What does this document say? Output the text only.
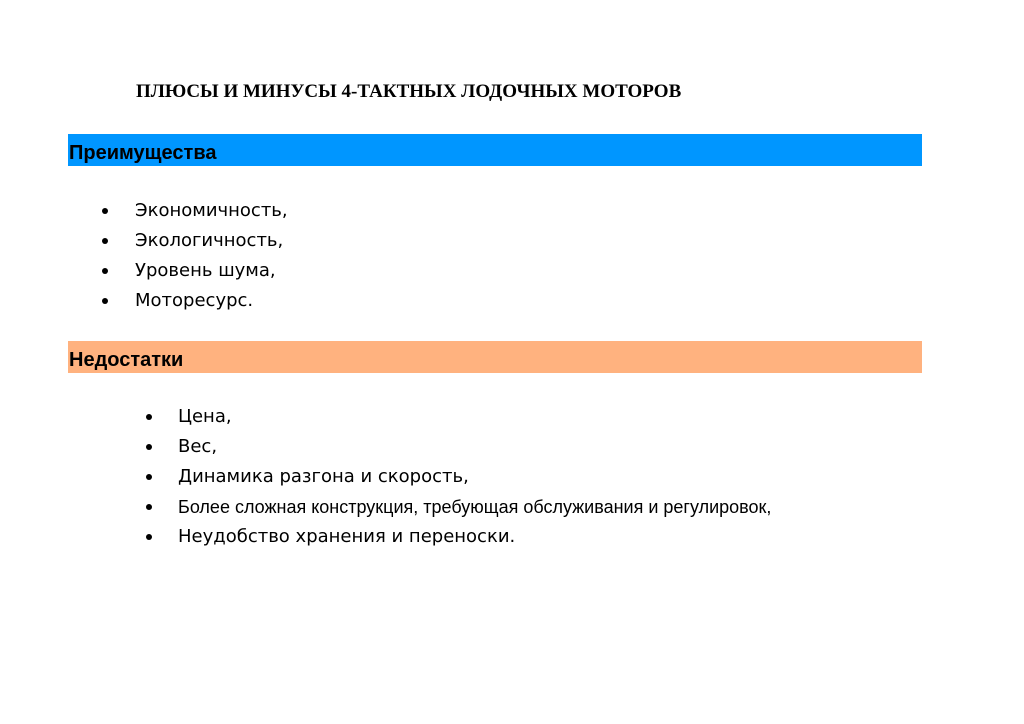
ПЛЮСЫ И МИНУСЫ 4-ТАКТНЫХ ЛОДОЧНЫХ МОТОРОВ
Преимущества
Экономичность,
Экологичность,
Уровень шума,
Моторесурс.
Недостатки
Цена,
Вес,
Динамика разгона и скорость,
Более сложная конструкция, требующая обслуживания и регулировок,
Неудобство хранения и переноски.
